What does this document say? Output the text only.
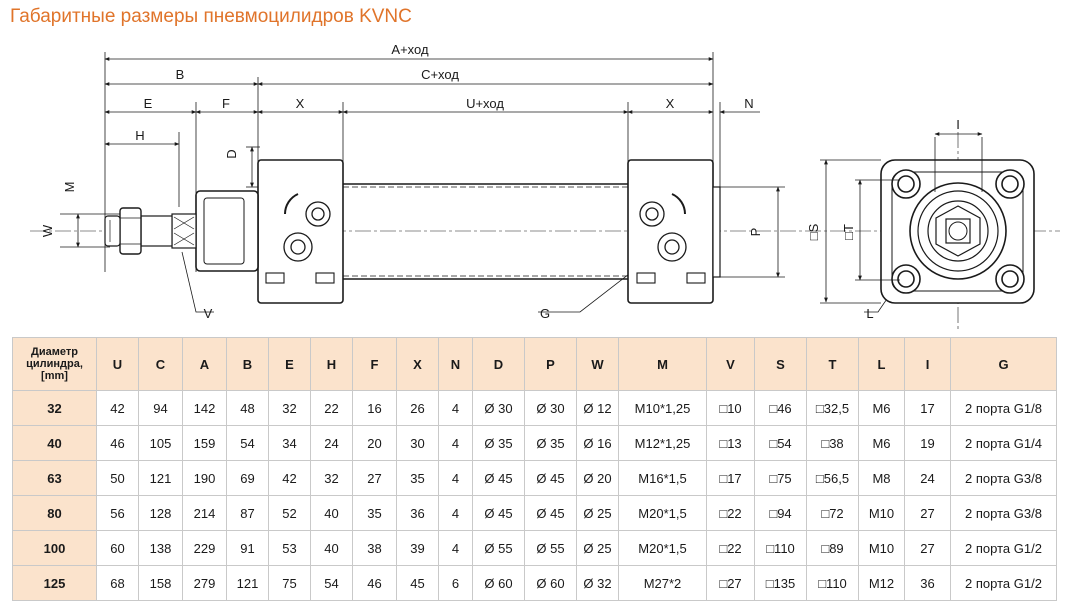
Габаритные размеры пневмоцилидров KVNC
A+ход
C+ход
B
E	F	X	U+ход	X	N
H
D
M
W	P	□S □T
I
V	G	L
Диаметр
цилиндра,
[mm]	U	C	A	B	E	H	F	X	N	D	P	W	M	V	S	T	L	I	G
32	42	94	142	48	32	22	16	26	4	Ø 30	Ø 30	Ø 12	M10*1,25	□10	□46	□32,5	M6	17	2 порта G1/8
40	46	105	159	54	34	24	20	30	4	Ø 35	Ø 35	Ø 16	M12*1,25	□13	□54	□38	M6	19	2 порта G1/4
63	50	121	190	69	42	32	27	35	4	Ø 45	Ø 45	Ø 20	M16*1,5	□17	□75	□56,5	M8	24	2 порта G3/8
80	56	128	214	87	52	40	35	36	4	Ø 45	Ø 45	Ø 25	M20*1,5	□22	□94	□72	M10	27	2 порта G3/8
100	60	138	229	91	53	40	38	39	4	Ø 55	Ø 55	Ø 25	M20*1,5	□22	□110	□89	M10	27	2 порта G1/2
125	68	158	279	121	75	54	46	45	6	Ø 60	Ø 60	Ø 32	M27*2	□27	□135	□110	M12	36	2 порта G1/2
